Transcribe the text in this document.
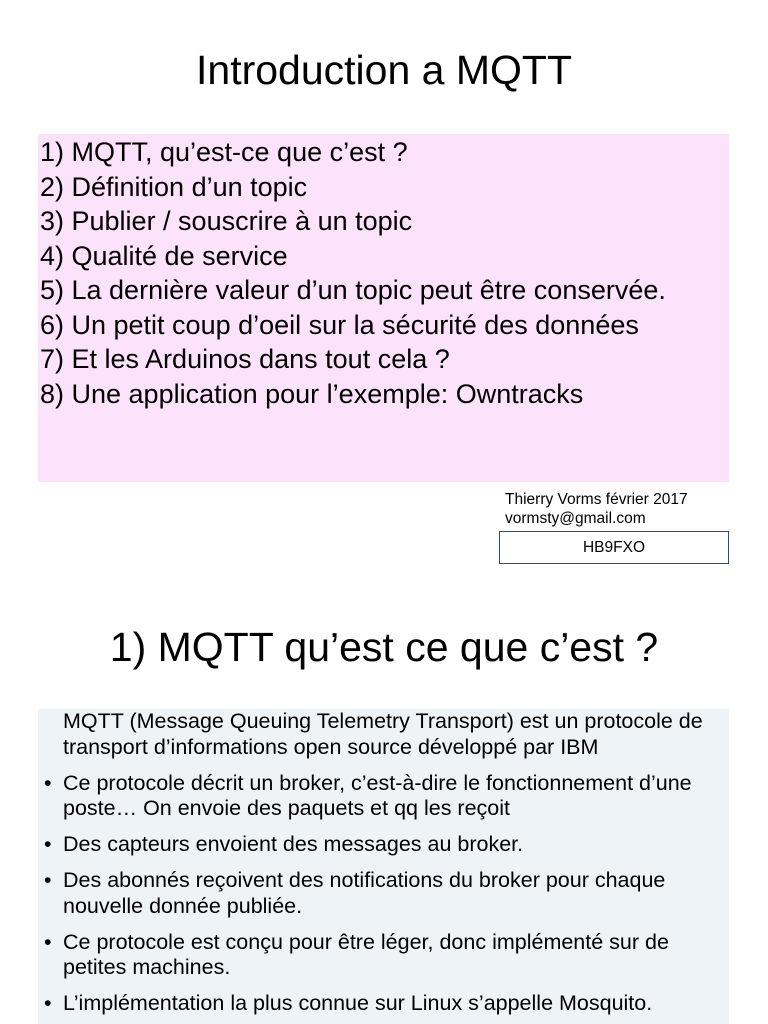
Introduction a MQTT
1) MQTT, qu’est-ce que c’est ?
2) Définition d’un topic
3) Publier / souscrire à un topic
4) Qualité de service
5) La dernière valeur d’un topic peut être conservée.
6) Un petit coup d’oeil sur la sécurité des données
7) Et les Arduinos dans tout cela ?
8) Une application pour l’exemple: Owntracks
Thierry Vorms février 2017
vormsty@gmail.com
HB9FXO
1) MQTT qu’est ce que c’est ?
MQTT (Message Queuing Telemetry Transport) est un protocole de transport d’informations open source développé par IBM
• Ce protocole décrit un broker, c’est-à-dire le fonctionnement d’une poste… On envoie des paquets et qq les reçoit
• Des capteurs envoient des messages au broker.
• Des abonnés reçoivent des notifications du broker pour chaque nouvelle donnée publiée.
• Ce protocole est conçu pour être léger, donc implémenté sur de petites machines.
• L’implémentation la plus connue sur Linux s’appelle Mosquito.
